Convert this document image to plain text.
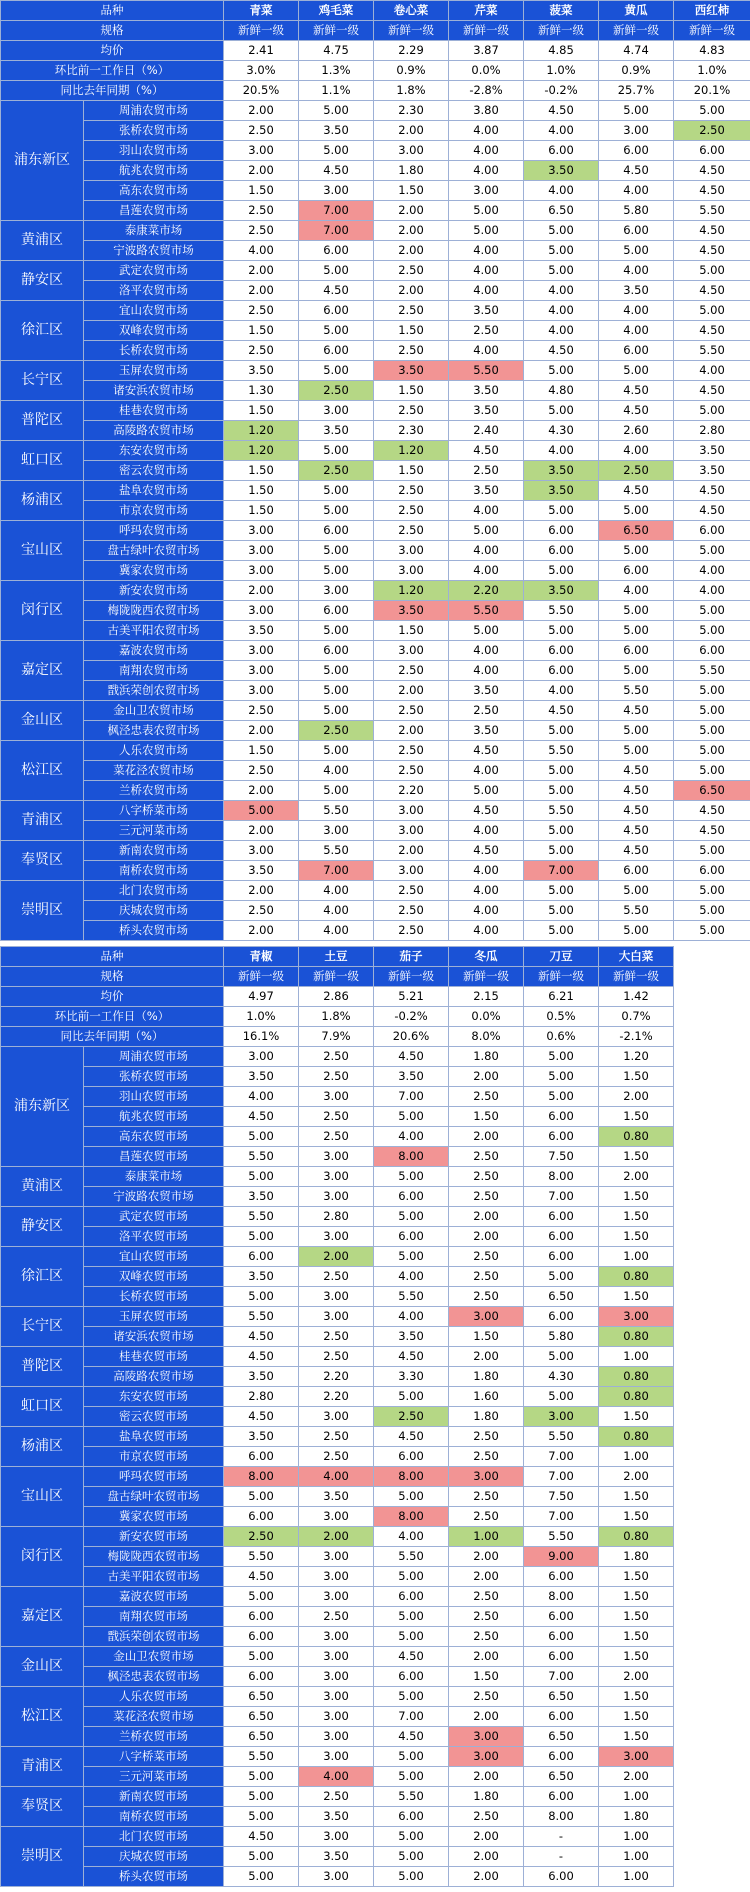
品种		青菜	鸡毛菜	卷心菜	芹菜	菠菜	黄瓜	西红柿
规格		新鲜一级	新鲜一级	新鲜一级	新鲜一级	新鲜一级	新鲜一级	新鲜一级
均价		2.41	4.75	2.29	3.87	4.85	4.74	4.83
环比前一工作日（%）		3.0%	1.3%	0.9%	0.0%	1.0%	0.9%	1.0%
同比去年同期（%）		20.5%	1.1%	1.8%	-2.8%	-0.2%	25.7%	20.1%
浦东新区	周浦农贸市场	2.00	5.00	2.30	3.80	4.50	5.00	5.00
	张桥农贸市场	2.50	3.50	2.00	4.00	4.00	3.00	2.50
	羽山农贸市场	3.00	5.00	3.00	4.00	6.00	6.00	6.00
	航兆农贸市场	2.00	4.50	1.80	4.00	3.50	4.50	4.50
	高东农贸市场	1.50	3.00	1.50	3.00	4.00	4.00	4.50
	昌莲农贸市场	2.50	7.00	2.00	5.00	6.50	5.80	5.50
黄浦区	泰康菜市场	2.50	7.00	2.00	5.00	5.00	6.00	4.50
	宁波路农贸市场	4.00	6.00	2.00	4.00	5.00	5.00	4.50
静安区	武定农贸市场	2.00	5.00	2.50	4.00	5.00	4.00	5.00
	洛平农贸市场	2.00	4.50	2.00	4.00	4.00	3.50	4.50
徐汇区	宜山农贸市场	2.50	6.00	2.50	3.50	4.00	4.00	5.00
	双峰农贸市场	1.50	5.00	1.50	2.50	4.00	4.00	4.50
	长桥农贸市场	2.50	6.00	2.50	4.00	4.50	6.00	5.50
长宁区	玉屏农贸市场	3.50	5.00	3.50	5.50	5.00	5.00	4.00
	诸安浜农贸市场	1.30	2.50	1.50	3.50	4.80	4.50	4.50
普陀区	桂巷农贸市场	1.50	3.00	2.50	3.50	5.00	4.50	5.00
	高陵路农贸市场	1.20	3.50	2.30	2.40	4.30	2.60	2.80
虹口区	东安农贸市场	1.20	5.00	1.20	4.50	4.00	4.00	3.50
	密云农贸市场	1.50	2.50	1.50	2.50	3.50	2.50	3.50
杨浦区	盐阜农贸市场	1.50	5.00	2.50	3.50	3.50	4.50	4.50
	市京农贸市场	1.50	5.00	2.50	4.00	5.00	5.00	4.50
宝山区	呼玛农贸市场	3.00	6.00	2.50	5.00	6.00	6.50	6.00
	盘古绿叶农贸市场	3.00	5.00	3.00	4.00	6.00	5.00	5.00
	冀家农贸市场	3.00	5.00	3.00	4.00	5.00	6.00	4.00
闵行区	新安农贸市场	2.00	3.00	1.20	2.20	3.50	4.00	4.00
	梅陇陇西农贸市场	3.00	6.00	3.50	5.50	5.50	5.00	5.00
	古美平阳农贸市场	3.50	5.00	1.50	5.00	5.00	5.00	5.00
嘉定区	嘉波农贸市场	3.00	6.00	3.00	4.00	6.00	6.00	6.00
	南翔农贸市场	3.00	5.00	2.50	4.00	6.00	5.00	5.50
	戬浜荣创农贸市场	3.00	5.00	2.00	3.50	4.00	5.50	5.00
金山区	金山卫农贸市场	2.50	5.00	2.50	2.50	4.50	4.50	5.00
	枫泾忠表农贸市场	2.00	2.50	2.00	3.50	5.00	5.00	5.00
松江区	人乐农贸市场	1.50	5.00	2.50	4.50	5.50	5.00	5.00
	菜花泾农贸市场	2.50	4.00	2.50	4.00	5.00	4.50	5.00
	兰桥农贸市场	2.00	5.00	2.20	5.00	5.00	4.50	6.50
青浦区	八字桥菜市场	5.00	5.50	3.00	4.50	5.50	4.50	4.50
	三元河菜市场	2.00	3.00	3.00	4.00	5.00	4.50	4.50
奉贤区	新南农贸市场	3.00	5.50	2.00	4.50	5.00	4.50	5.00
	南桥农贸市场	3.50	7.00	3.00	4.00	7.00	6.00	6.00
崇明区	北门农贸市场	2.00	4.00	2.50	4.00	5.00	5.00	5.00
	庆城农贸市场	2.50	4.00	2.50	4.00	5.00	5.50	5.00
	桥头农贸市场	2.00	4.00	2.50	4.00	5.00	5.00	5.00
品种		青椒	土豆	茄子	冬瓜	刀豆	大白菜	
规格		新鲜一级	新鲜一级	新鲜一级	新鲜一级	新鲜一级	新鲜一级	
均价		4.97	2.86	5.21	2.15	6.21	1.42	
环比前一工作日（%）		1.0%	1.8%	-0.2%	0.0%	0.5%	0.7%	
同比去年同期（%）		16.1%	7.9%	20.6%	8.0%	0.6%	-2.1%	
浦东新区	周浦农贸市场	3.00	2.50	4.50	1.80	5.00	1.20	
	张桥农贸市场	3.50	2.50	3.50	2.00	5.00	1.50	
	羽山农贸市场	4.00	3.00	7.00	2.50	5.00	2.00	
	航兆农贸市场	4.50	2.50	5.00	1.50	6.00	1.50	
	高东农贸市场	5.00	2.50	4.00	2.00	6.00	0.80	
	昌莲农贸市场	5.50	3.00	8.00	2.50	7.50	1.50	
黄浦区	泰康菜市场	5.00	3.00	5.00	2.50	8.00	2.00	
	宁波路农贸市场	3.50	3.00	6.00	2.50	7.00	1.50	
静安区	武定农贸市场	5.50	2.80	5.00	2.00	6.00	1.50	
	洛平农贸市场	5.00	3.00	6.00	2.00	6.00	1.50	
徐汇区	宜山农贸市场	6.00	2.00	5.00	2.50	6.00	1.00	
	双峰农贸市场	3.50	2.50	4.00	2.50	5.00	0.80	
	长桥农贸市场	5.00	3.00	5.50	2.50	6.50	1.50	
长宁区	玉屏农贸市场	5.50	3.00	4.00	3.00	6.00	3.00	
	诸安浜农贸市场	4.50	2.50	3.50	1.50	5.80	0.80	
普陀区	桂巷农贸市场	4.50	2.50	4.50	2.00	5.00	1.00	
	高陵路农贸市场	3.50	2.20	3.30	1.80	4.30	0.80	
虹口区	东安农贸市场	2.80	2.20	5.00	1.60	5.00	0.80	
	密云农贸市场	4.50	3.00	2.50	1.80	3.00	1.50	
杨浦区	盐阜农贸市场	3.50	2.50	4.50	2.50	5.50	0.80	
	市京农贸市场	6.00	2.50	6.00	2.50	7.00	1.00	
宝山区	呼玛农贸市场	8.00	4.00	8.00	3.00	7.00	2.00	
	盘古绿叶农贸市场	5.00	3.50	5.00	2.50	7.50	1.50	
	冀家农贸市场	6.00	3.00	8.00	2.50	7.00	1.50	
闵行区	新安农贸市场	2.50	2.00	4.00	1.00	5.50	0.80	
	梅陇陇西农贸市场	5.50	3.00	5.50	2.00	9.00	1.80	
	古美平阳农贸市场	4.50	3.00	5.00	2.00	6.00	1.50	
嘉定区	嘉波农贸市场	5.00	3.00	6.00	2.50	8.00	1.50	
	南翔农贸市场	6.00	2.50	5.00	2.50	6.00	1.50	
	戬浜荣创农贸市场	6.00	3.00	5.00	2.50	6.00	1.50	
金山区	金山卫农贸市场	5.00	3.00	4.50	2.00	6.00	1.50	
	枫泾忠表农贸市场	6.00	3.00	6.00	1.50	7.00	2.00	
松江区	人乐农贸市场	6.50	3.00	5.00	2.50	6.50	1.50	
	菜花泾农贸市场	6.50	3.00	7.00	2.00	6.00	1.50	
	兰桥农贸市场	6.50	3.00	4.50	3.00	6.50	1.50	
青浦区	八字桥菜市场	5.50	3.00	5.00	3.00	6.00	3.00	
	三元河菜市场	5.00	4.00	5.00	2.00	6.50	2.00	
奉贤区	新南农贸市场	5.00	2.50	5.50	1.80	6.00	1.00	
	南桥农贸市场	5.00	3.50	6.00	2.50	8.00	1.80	
崇明区	北门农贸市场	4.50	3.00	5.00	2.00	-	1.00	
	庆城农贸市场	5.00	3.50	5.00	2.00	-	1.00	
	桥头农贸市场	5.00	3.00	5.00	2.00	6.00	1.00	
